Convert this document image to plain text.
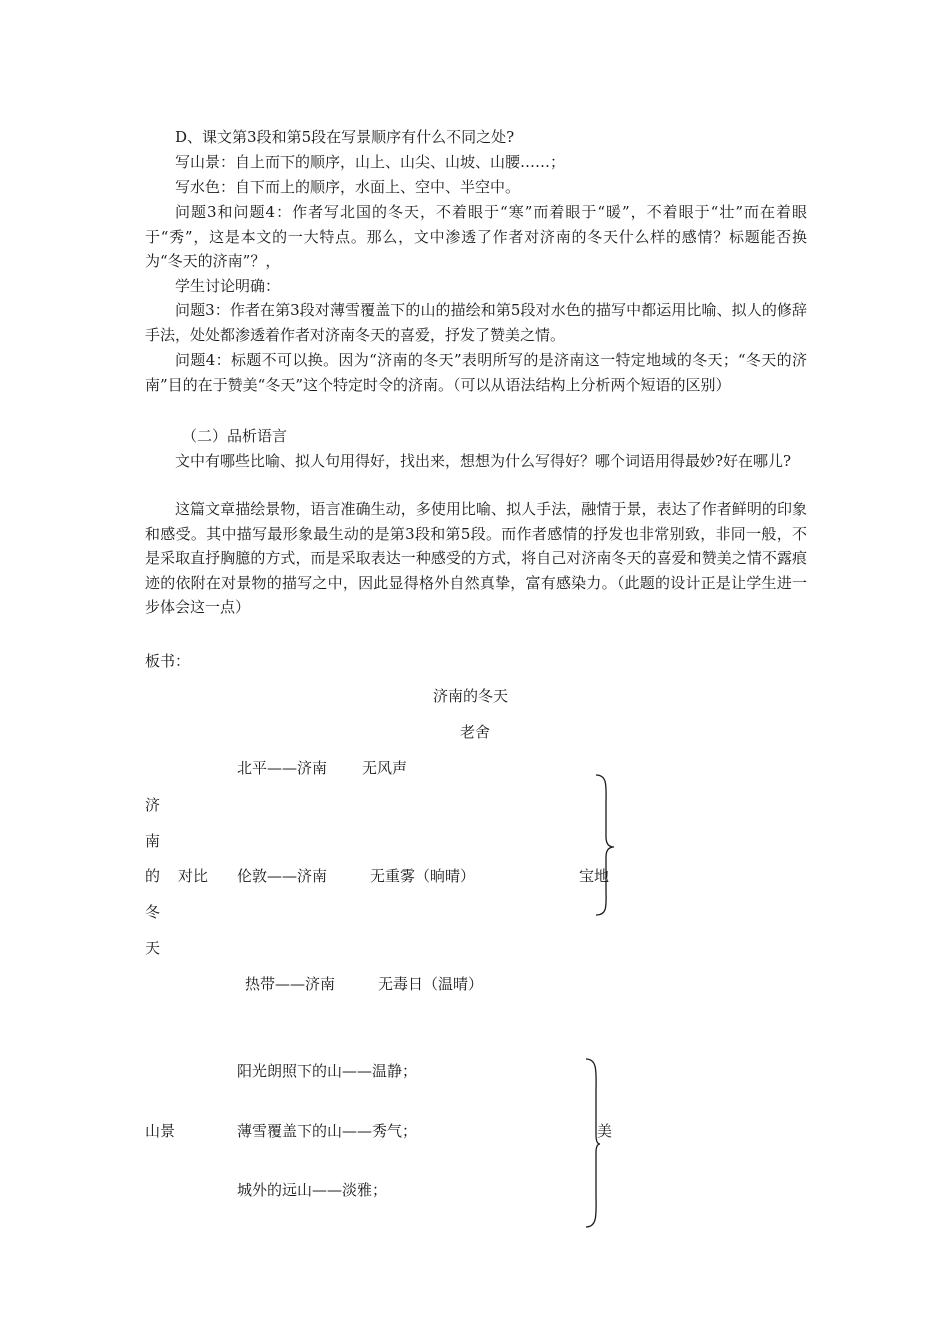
D、课文第3段和第5段在写景顺序有什么不同之处?
写山景：自上而下的顺序，山上、山尖、山坡、山腰……；
写水色：自下而上的顺序，水面上、空中、半空中。
问题3和问题4：作者写北国的冬天，不着眼于“寒”而着眼于“暖”，不着眼于“壮”而在着眼于“秀”，这是本文的一大特点。那么，文中渗透了作者对济南的冬天什么样的感情？标题能否换为“冬天的济南”？，
学生讨论明确：
问题3：作者在第3段对薄雪覆盖下的山的描绘和第5段对水色的描写中都运用比喻、拟人的修辞手法，处处都渗透着作者对济南冬天的喜爱，抒发了赞美之情。
问题4：标题不可以换。因为“济南的冬天”表明所写的是济南这一特定地域的冬天；“冬天的济南”目的在于赞美“冬天”这个特定时令的济南。（可以从语法结构上分析两个短语的区别）
（二）品析语言
文中有哪些比喻、拟人句用得好，找出来，想想为什么写得好？哪个词语用得最妙?好在哪儿?
这篇文章描绘景物，语言准确生动，多使用比喻、拟人手法，融情于景，表达了作者鲜明的印象和感受。其中描写最形象最生动的是第3段和第5段。而作者感情的抒发也非常别致，非同一般，不是采取直抒胸臆的方式，而是采取表达一种感受的方式，将自己对济南冬天的喜爱和赞美之情不露痕迹的依附在对景物的描写之中，因此显得格外自然真挚，富有感染力。（此题的设计正是让学生进一步体会这一点）
板书：
济南的冬天
老舍
北平——济南 无风声
济
南
的
冬
天
对比 伦敦——济南	无重雾（晌晴）	宝地
热带——济南	无毒日（温晴）
阳光朗照下的山——温静；
山景	薄雪覆盖下的山——秀气；	美
城外的远山——淡雅；
